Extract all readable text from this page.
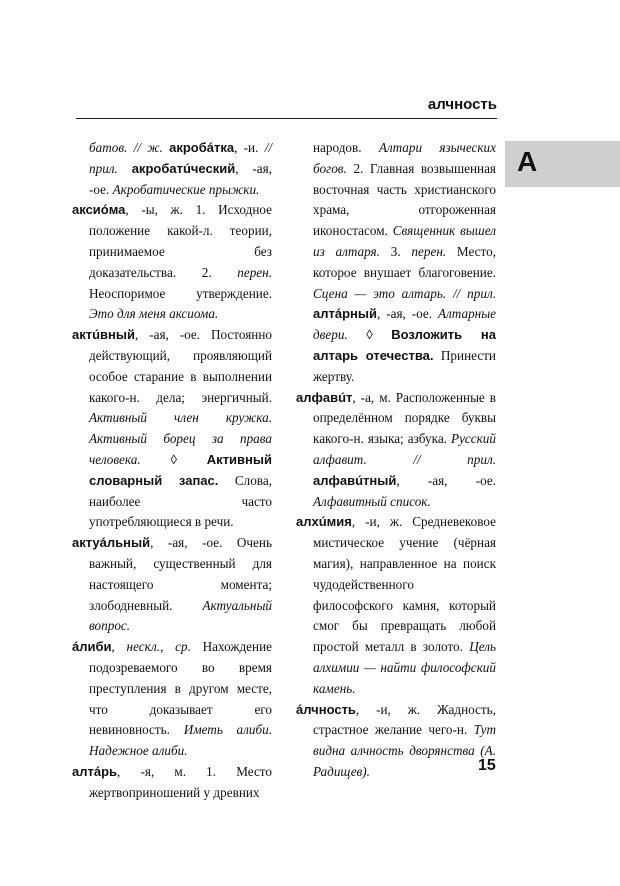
алчность
А

батов. // ж. акробáтка, -и. // прил. акробатúческий, -ая, -ое. Акробатические прыжки.

аксиóма, -ы, ж. 1. Исходное положение какой-л. теории, принимаемое без доказательства. 2. перен. Неоспоримое утверждение. Это для меня аксиома.

актúвный, -ая, -ое. Постоянно действующий, проявляющий особое старание в выполнении какого-н. дела; энергичный. Активный член кружка. Активный борец за права человека. ◊ Активный словарный запас. Слова, наиболее часто употребляющиеся в речи.

актуáльный, -ая, -ое. Очень важный, существенный для настоящего момента; злободневный. Актуальный вопрос.

áлиби, нескл., ср. Нахождение подозреваемого во время преступления в другом месте, что доказывает его невиновность. Иметь алиби. Надежное алиби.

алтáрь, -я, м. 1. Место жертвоприношений у древних

народов. Алтари языческих богов. 2. Главная возвышенная восточная часть христианского храма, отгороженная иконостасом. Священник вышел из алтаря. 3. перен. Место, которое внушает благоговение. Сцена — это алтарь. // прил. алтáрный, -ая, -ое. Алтарные двери. ◊ Возложить на алтарь отечества. Принести жертву.

алфавúт, -а, м. Расположенные в определённом порядке буквы какого-н. языка; азбука. Русский алфавит. // прил. алфавúтный, -ая, -ое. Алфавитный список.

алхúмия, -и, ж. Средневековое мистическое учение (чёрная магия), направленное на поиск чудодейственного философского камня, который смог бы превращать любой простой металл в золото. Цель алхимии — найти философский камень.

áлчность, -и, ж. Жадность, страстное желание чего-н. Тут видна алчность дворянства (А. Радищев).	15
